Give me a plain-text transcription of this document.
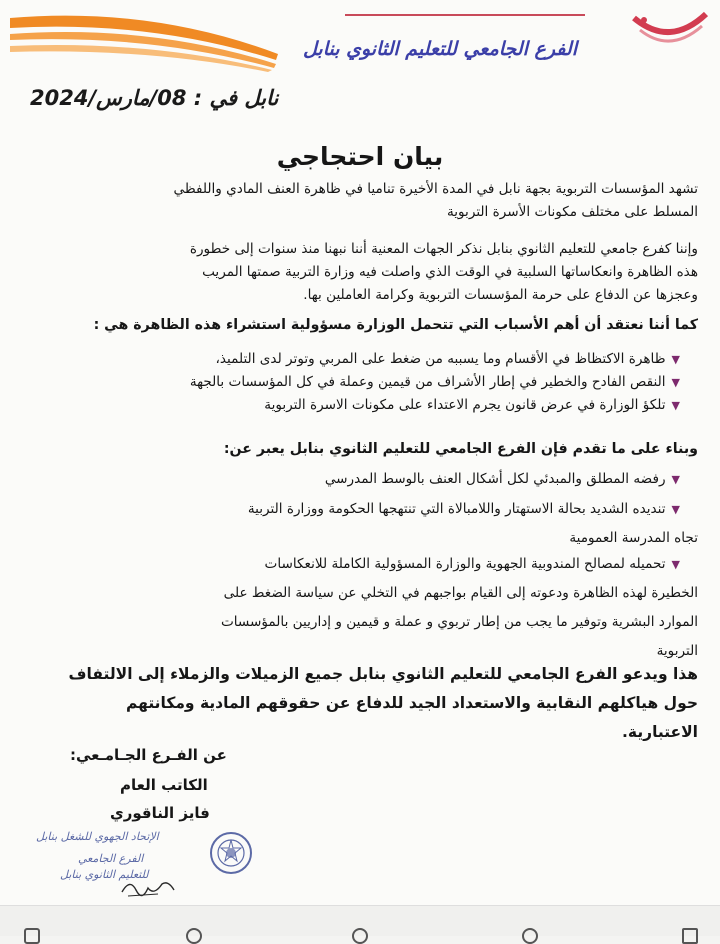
الفرع الجامعي للتعليم الثانوي بنابل
نابل في : 08/مارس/2024
بيان احتجاجي
تشهد المؤسسات التربوية بجهة نابل في المدة الأخيرة تناميا في ظاهرة العنف المادي واللفظي
المسلط على مختلف مكونات الأسرة التربوية
وإننا كفرع جامعي للتعليم الثانوي بنابل نذكر الجهات المعنية أننا نبهنا منذ سنوات إلى خطورة
هذه الظاهرة وانعكاساتها السلبية في الوقت الذي واصلت فيه وزارة التربية صمتها المريب
وعجزها عن الدفاع على حرمة المؤسسات التربوية وكرامة العاملين بها.
كما أننا نعتقد أن أهم الأسباب التي تتحمل الوزارة مسؤولية استشراء هذه الظاهرة هي :
▼ظاهرة الاكتظاظ في الأقسام وما يسببه من ضغط على المربي وتوتر لدى التلميذ،
▼النقص الفادح والخطير في إطار الأشراف من قيمين وعملة في كل المؤسسات بالجهة
▼تلكؤ الوزارة في عرض قانون يجرم الاعتداء على مكونات الاسرة التربوية
وبناء على ما تقدم فإن الفرع الجامعي للتعليم الثانوي بنابل يعبر عن:
▼رفضه المطلق والمبدئي لكل أشكال العنف بالوسط المدرسي
▼تنديده الشديد بحالة الاستهتار واللامبالاة التي تنتهجها الحكومة ووزارة التربية
تجاه المدرسة العمومية
▼تحميله لمصالح المندوبية الجهوية والوزارة المسؤولية الكاملة للانعكاسات
الخطيرة لهذه الظاهرة ودعوته إلى القيام بواجبهم في التخلي عن سياسة الضغط على
الموارد البشرية وتوفير ما يجب من إطار تربوي و عملة و قيمين و إداريين بالمؤسسات
التربوية
هذا ويدعو الفرع الجامعي للتعليم الثانوي بنابل جميع الزميلات والزملاء إلى الالتفاف
حول هياكلهم النقابية والاستعداد الجيد للدفاع عن حقوقهم المادية ومكانتهم
الاعتبارية.
عن الفـرع الجـامـعي:
الكاتب العام
فايز الناقوري
الإتحاد الجهوي للشغل بنابل
الفرع الجامعي
للتعليم الثانوي بنابل
